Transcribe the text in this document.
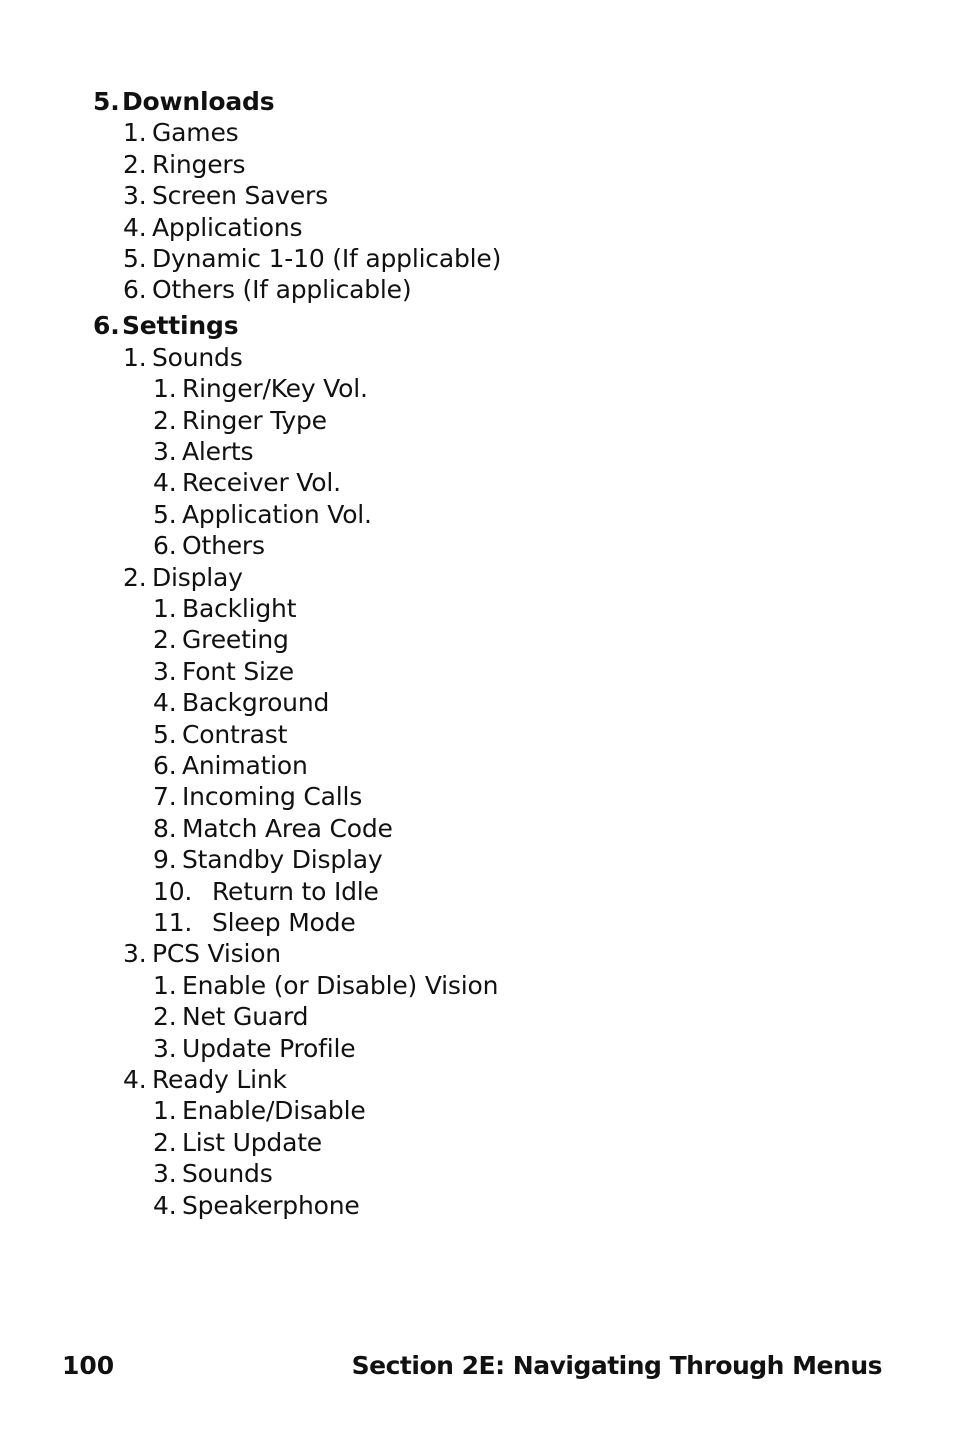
5. Downloads
1. Games
2. Ringers
3. Screen Savers
4. Applications
5. Dynamic 1-10 (If applicable)
6. Others (If applicable)
6. Settings
1. Sounds
1. Ringer/Key Vol.
2. Ringer Type
3. Alerts
4. Receiver Vol.
5. Application Vol.
6. Others
2. Display
1. Backlight
2. Greeting
3. Font Size
4. Background
5. Contrast
6. Animation
7. Incoming Calls
8. Match Area Code
9. Standby Display
10. Return to Idle
11. Sleep Mode
3. PCS Vision
1. Enable (or Disable) Vision
2. Net Guard
3. Update Profile
4. Ready Link
1. Enable/Disable
2. List Update
3. Sounds
4. Speakerphone
100	Section 2E: Navigating Through Menus
